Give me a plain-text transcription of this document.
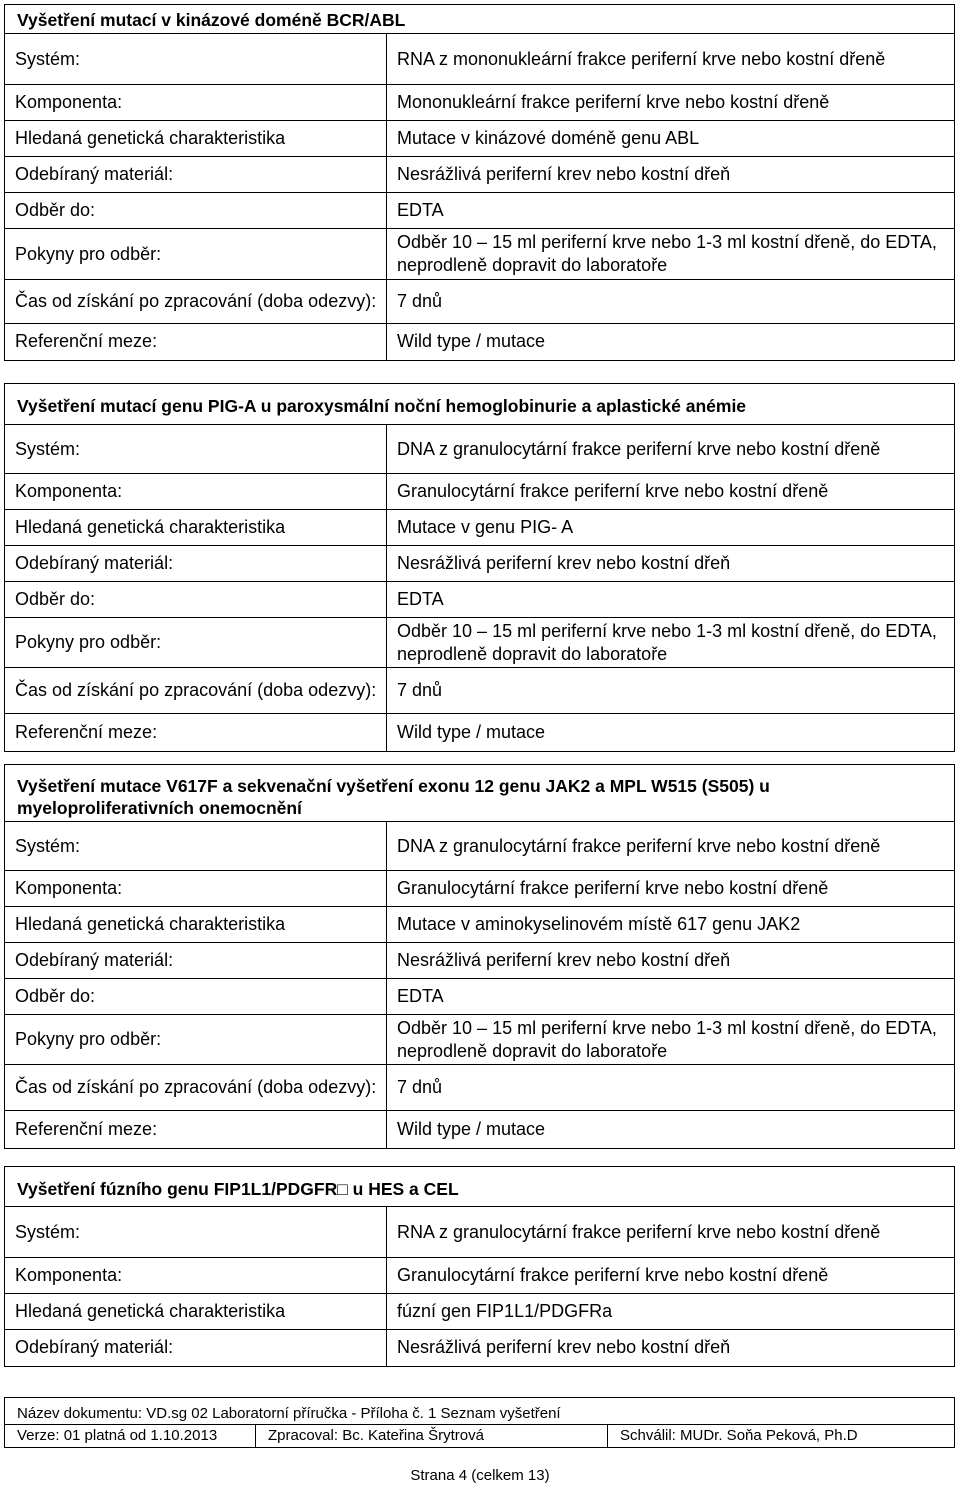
Vyšetření mutací v kinázové doméně BCR/ABL
Systém:	RNA z mononukleární frakce periferní krve nebo kostní dřeně
Komponenta:	Mononukleární frakce periferní krve nebo kostní dřeně
Hledaná genetická charakteristika	Mutace v kinázové doméně genu ABL
Odebíraný materiál:	Nesrážlivá periferní krev nebo kostní dřeň
Odběr do:	EDTA
Pokyny pro odběr:	Odběr 10 – 15 ml periferní krve nebo 1-3 ml kostní dřeně, do EDTA, neprodleně dopravit do laboratoře
Čas od získání po zpracování (doba odezvy):	7 dnů
Referenční meze:	Wild type / mutace
Vyšetření mutací genu PIG-A u paroxysmální noční hemoglobinurie a aplastické anémie
Systém:	DNA z granulocytární frakce periferní krve nebo kostní dřeně
Komponenta:	Granulocytární frakce periferní krve nebo kostní dřeně
Hledaná genetická charakteristika	Mutace v genu PIG- A
Odebíraný materiál:	Nesrážlivá periferní krev nebo kostní dřeň
Odběr do:	EDTA
Pokyny pro odběr:	Odběr 10 – 15 ml periferní krve nebo 1-3 ml kostní dřeně, do EDTA, neprodleně dopravit do laboratoře
Čas od získání po zpracování (doba odezvy):	7 dnů
Referenční meze:	Wild type / mutace
Vyšetření mutace V617F a sekvenační vyšetření exonu 12 genu JAK2 a MPL W515 (S505) u myeloproliferativních onemocnění
Systém:	DNA z granulocytární frakce periferní krve nebo kostní dřeně
Komponenta:	Granulocytární frakce periferní krve nebo kostní dřeně
Hledaná genetická charakteristika	Mutace v aminokyselinovém místě 617 genu JAK2
Odebíraný materiál:	Nesrážlivá periferní krev nebo kostní dřeň
Odběr do:	EDTA
Pokyny pro odběr:	Odběr 10 – 15 ml periferní krve nebo 1-3 ml kostní dřeně, do EDTA, neprodleně dopravit do laboratoře
Čas od získání po zpracování (doba odezvy):	7 dnů
Referenční meze:	Wild type / mutace
Vyšetření fúzního genu FIP1L1/PDGFR□ u HES a CEL
Systém:	RNA z granulocytární frakce periferní krve nebo kostní dřeně
Komponenta:	Granulocytární frakce periferní krve nebo kostní dřeně
Hledaná genetická charakteristika	fúzní gen FIP1L1/PDGFRa
Odebíraný materiál:	Nesrážlivá periferní krev nebo kostní dřeň
Název dokumentu: VD.sg 02 Laboratorní příručka - Příloha č. 1 Seznam vyšetření
Verze: 01 platná od 1.10.2013	Zpracoval: Bc. Kateřina Šrytrová	Schválil: MUDr. Soňa Peková, Ph.D
Strana 4 (celkem 13)
